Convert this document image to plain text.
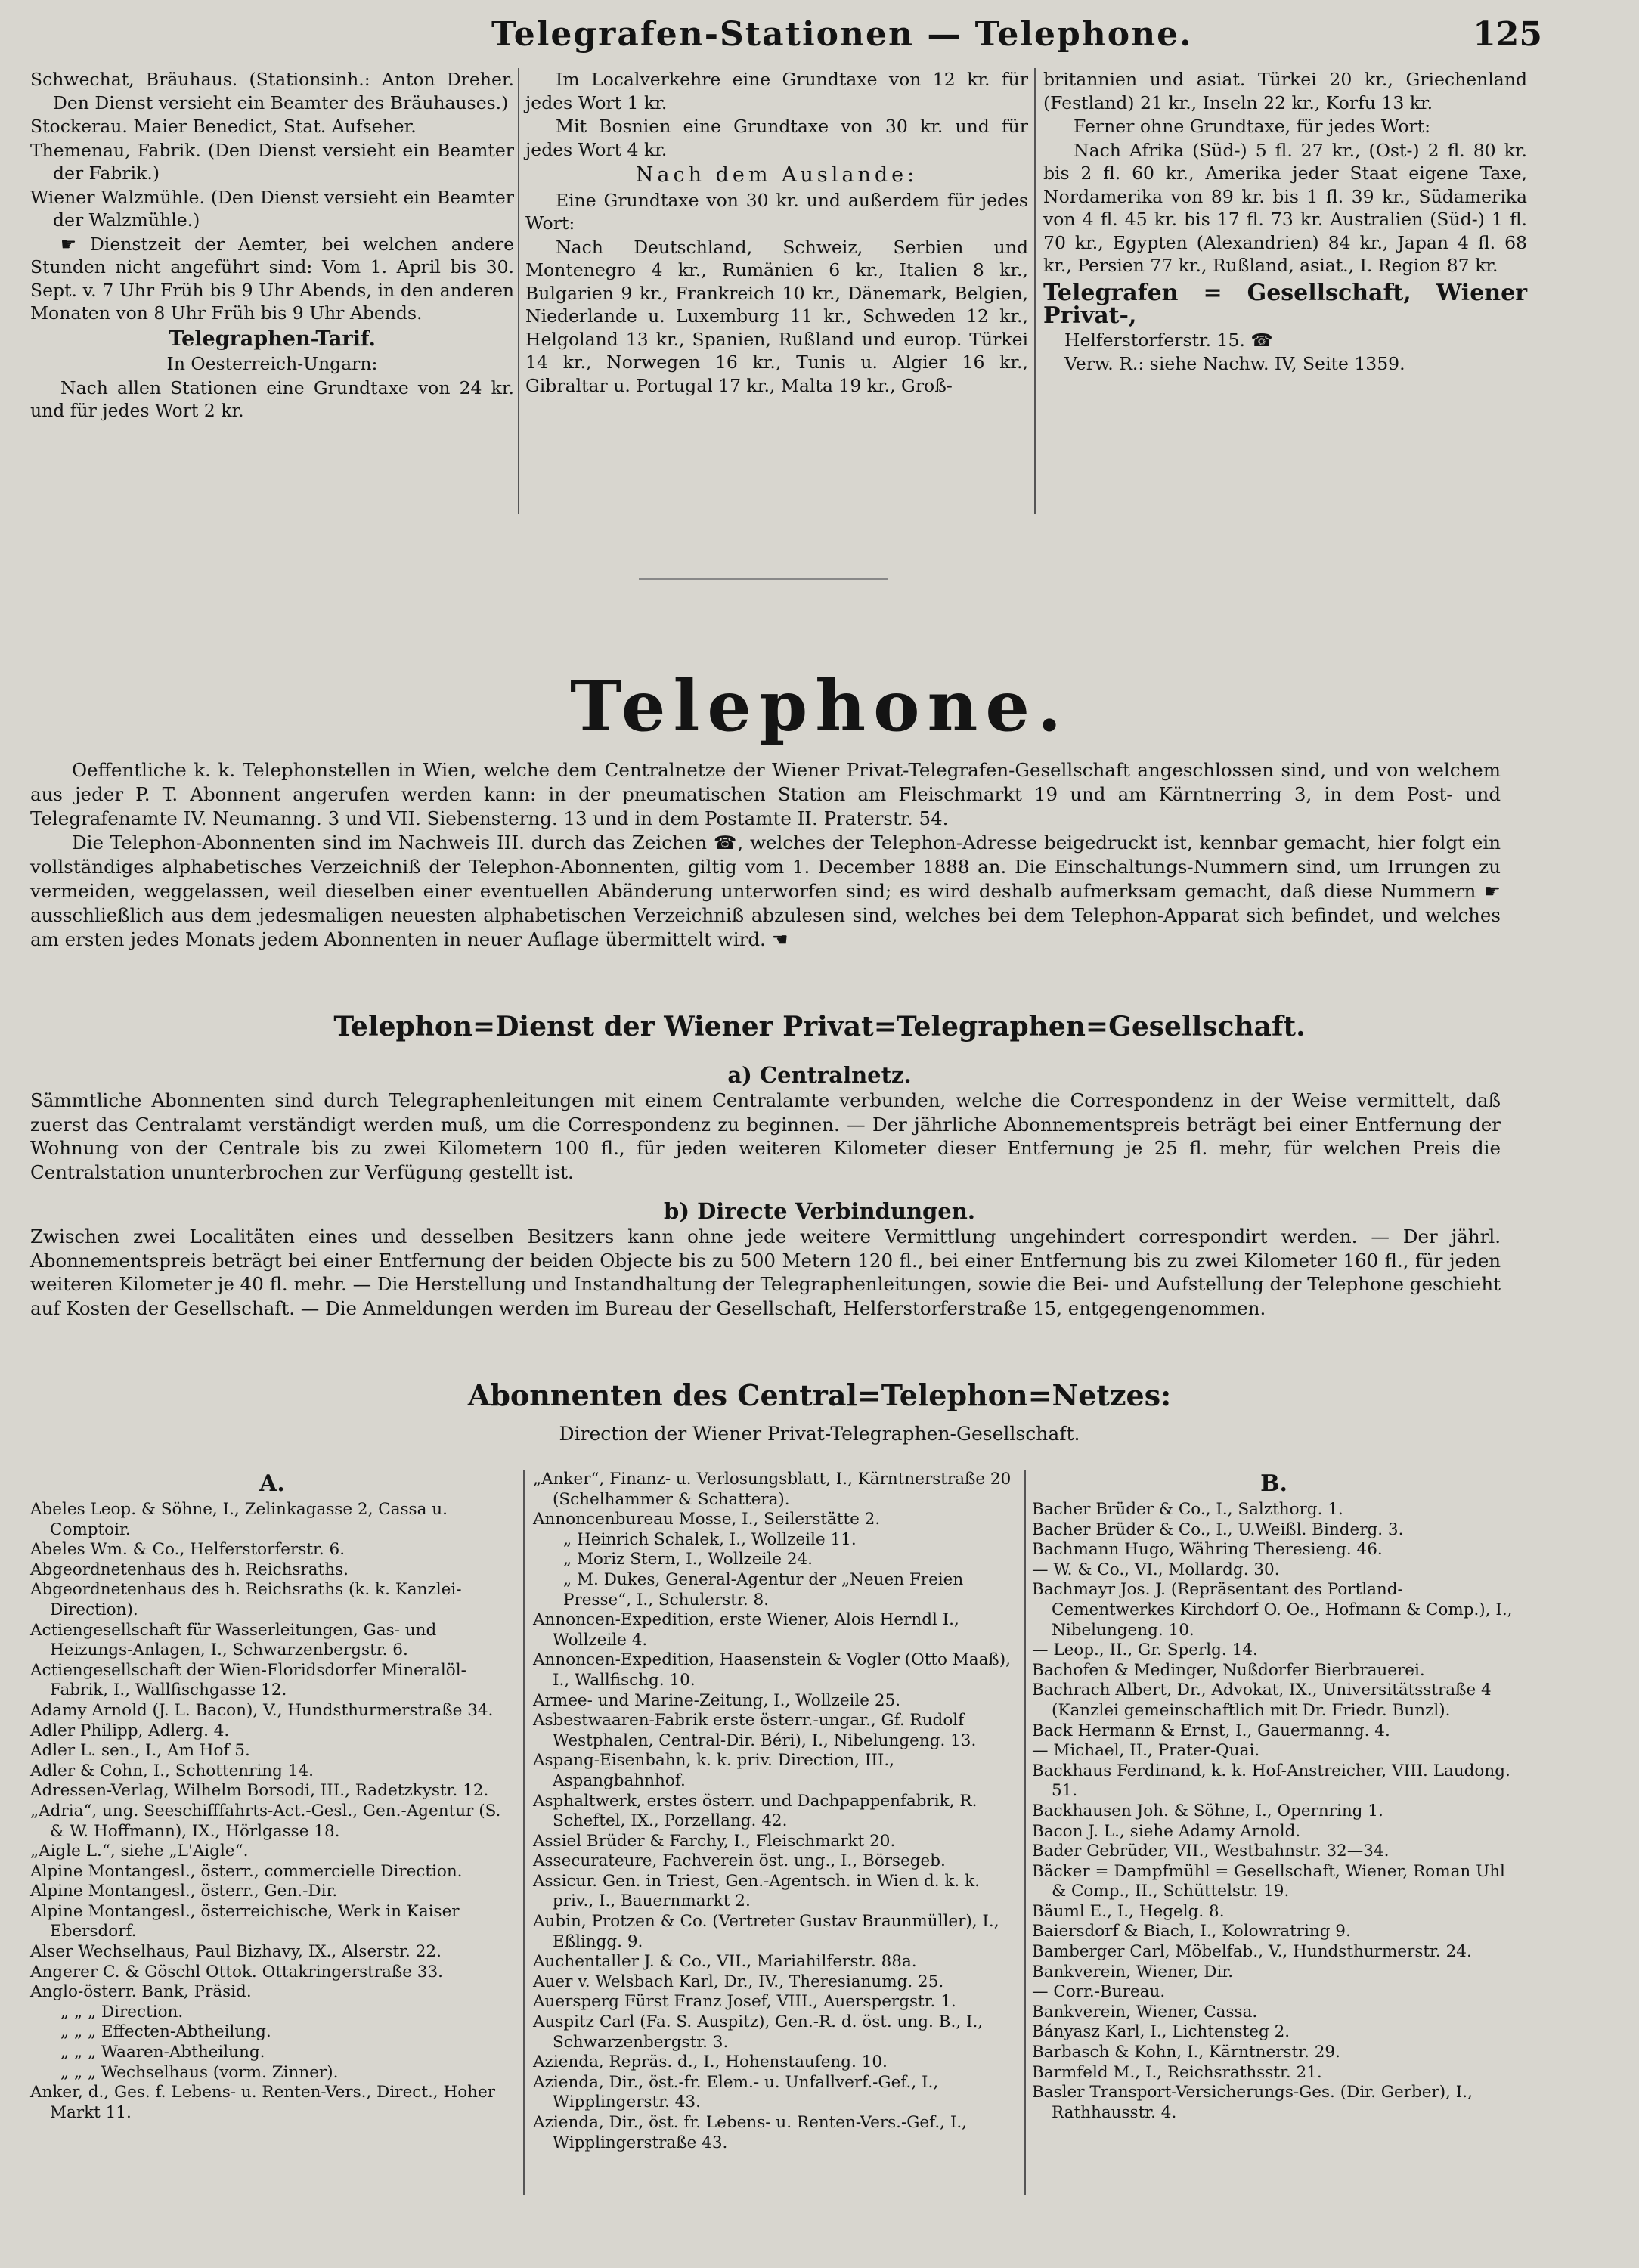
Telegrafen-Stationen — Telephone.	125

Schwechat, Bräuhaus. (Stationsinh.: Anton Dreher. Den Dienst versieht ein Beamter des Bräuhauses.)

Stockerau. Maier Benedict, Stat. Aufseher.

Themenau, Fabrik. (Den Dienst versieht ein Beamter der Fabrik.)

Wiener Walzmühle. (Den Dienst versieht ein Beamter der Walzmühle.)

☛ Dienstzeit der Aemter, bei welchen andere Stunden nicht angeführt sind: Vom 1. April bis 30. Sept. v. 7 Uhr Früh bis 9 Uhr Abends, in den anderen Monaten von 8 Uhr Früh bis 9 Uhr Abends.

Telegraphen-Tarif.

In Oesterreich-Ungarn:

Nach allen Stationen eine Grundtaxe von 24 kr. und für jedes Wort 2 kr.

Im Localverkehre eine Grundtaxe von 12 kr. für jedes Wort 1 kr.

Mit Bosnien eine Grundtaxe von 30 kr. und für jedes Wort 4 kr.

Nach dem Auslande:

Eine Grundtaxe von 30 kr. und außerdem für jedes Wort:

Nach Deutschland, Schweiz, Serbien und Montenegro 4 kr., Rumänien 6 kr., Italien 8 kr., Bulgarien 9 kr., Frankreich 10 kr., Dänemark, Belgien, Niederlande u. Luxemburg 11 kr., Schweden 12 kr., Helgoland 13 kr., Spanien, Rußland und europ. Türkei 14 kr., Norwegen 16 kr., Tunis u. Algier 16 kr., Gibraltar u. Portugal 17 kr., Malta 19 kr., Groß-

britannien und asiat. Türkei 20 kr., Griechenland (Festland) 21 kr., Inseln 22 kr., Korfu 13 kr.

Ferner ohne Grundtaxe, für jedes Wort:

Nach Afrika (Süd-) 5 fl. 27 kr., (Ost-) 2 fl. 80 kr. bis 2 fl. 60 kr., Amerika jeder Staat eigene Taxe, Nordamerika von 89 kr. bis 1 fl. 39 kr., Südamerika von 4 fl. 45 kr. bis 17 fl. 73 kr. Australien (Süd-) 1 fl. 70 kr., Egypten (Alexandrien) 84 kr., Japan 4 fl. 68 kr., Persien 77 kr., Rußland, asiat., I. Region 87 kr.

Telegrafen = Gesellschaft, Wiener Privat-,

Helferstorferstr. 15. ☎

Verw. R.: siehe Nachw. IV, Seite 1359.

Telephone.

Oeffentliche k. k. Telephonstellen in Wien, welche dem Centralnetze der Wiener Privat-Telegrafen-Gesellschaft angeschlossen sind, und von welchem aus jeder P. T. Abonnent angerufen werden kann: in der pneumatischen Station am Fleischmarkt 19 und am Kärntnerring 3, in dem Post- und Telegrafenamte IV. Neumanng. 3 und VII. Siebensterng. 13 und in dem Postamte II. Praterstr. 54.

Die Telephon-Abonnenten sind im Nachweis III. durch das Zeichen ☎, welches der Telephon-Adresse beigedruckt ist, kennbar gemacht, hier folgt ein vollständiges alphabetisches Verzeichniß der Telephon-Abonnenten, giltig vom 1. December 1888 an. Die Einschaltungs-Nummern sind, um Irrungen zu vermeiden, weggelassen, weil dieselben einer eventuellen Abänderung unterworfen sind; es wird deshalb aufmerksam gemacht, daß diese Nummern ☛ ausschließlich aus dem jedesmaligen neuesten alphabetischen Verzeichniß abzulesen sind, welches bei dem Telephon-Apparat sich befindet, und welches am ersten jedes Monats jedem Abonnenten in neuer Auflage übermittelt wird. ☚

Telephon=Dienst der Wiener Privat=Telegraphen=Gesellschaft.
a) Centralnetz.
Sämmtliche Abonnenten sind durch Telegraphenleitungen mit einem Centralamte verbunden, welche die Correspondenz in der Weise vermittelt, daß zuerst das Centralamt verständigt werden muß, um die Correspondenz zu beginnen. — Der jährliche Abonnementspreis beträgt bei einer Entfernung der Wohnung von der Centrale bis zu zwei Kilometern 100 fl., für jeden weiteren Kilometer dieser Entfernung je 25 fl. mehr, für welchen Preis die Centralstation ununterbrochen zur Verfügung gestellt ist.
b) Directe Verbindungen.
Zwischen zwei Localitäten eines und desselben Besitzers kann ohne jede weitere Vermittlung ungehindert correspondirt werden. — Der jährl. Abonnementspreis beträgt bei einer Entfernung der beiden Objecte bis zu 500 Metern 120 fl., bei einer Entfernung bis zu zwei Kilometer 160 fl., für jeden weiteren Kilometer je 40 fl. mehr. — Die Herstellung und Instandhaltung der Telegraphenleitungen, sowie die Bei- und Aufstellung der Telephone geschieht auf Kosten der Gesellschaft. — Die Anmeldungen werden im Bureau der Gesellschaft, Helferstorferstraße 15, entgegengenommen.
Abonnenten des Central=Telephon=Netzes:
Direction der Wiener Privat-Telegraphen-Gesellschaft.
A.

Abeles Leop. & Söhne, I., Zelinkagasse 2, Cassa u. Comptoir.

Abeles Wm. & Co., Helferstorferstr. 6.

Abgeordnetenhaus des h. Reichsraths.

Abgeordnetenhaus des h. Reichsraths (k. k. Kanzlei-Direction).

Actiengesellschaft für Wasserleitungen, Gas- und Heizungs-Anlagen, I., Schwarzenbergstr. 6.

Actiengesellschaft der Wien-Floridsdorfer Mineralöl-Fabrik, I., Wallfischgasse 12.

Adamy Arnold (J. L. Bacon), V., Hundsthurmerstraße 34.

Adler Philipp, Adlerg. 4.

Adler L. sen., I., Am Hof 5.

Adler & Cohn, I., Schottenring 14.

Adressen-Verlag, Wilhelm Borsodi, III., Radetzkystr. 12.

„Adria“, ung. Seeschifffahrts-Act.-Gesl., Gen.-Agentur (S. & W. Hoffmann), IX., Hörlgasse 18.

„Aigle L.“, siehe „L'Aigle“.

Alpine Montangesl., österr., commercielle Direction.

Alpine Montangesl., österr., Gen.-Dir.

Alpine Montangesl., österreichische, Werk in Kaiser Ebersdorf.

Alser Wechselhaus, Paul Bizhavy, IX., Alserstr. 22.

Angerer C. & Göschl Ottok. Ottakringerstraße 33.

Anglo-österr. Bank, Präsid.

„ „ „ Direction.

„ „ „ Effecten-Abtheilung.

„ „ „ Waaren-Abtheilung.

„ „ „ Wechselhaus (vorm. Zinner).

Anker, d., Ges. f. Lebens- u. Renten-Vers., Direct., Hoher Markt 11.

„Anker“, Finanz- u. Verlosungsblatt, I., Kärntnerstraße 20 (Schelhammer & Schattera).

Annoncenbureau Mosse, I., Seilerstätte 2.

„ Heinrich Schalek, I., Wollzeile 11.

„ Moriz Stern, I., Wollzeile 24.

„ M. Dukes, General-Agentur der „Neuen Freien Presse“, I., Schulerstr. 8.

Annoncen-Expedition, erste Wiener, Alois Herndl I., Wollzeile 4.

Annoncen-Expedition, Haasenstein & Vogler (Otto Maaß), I., Wallfischg. 10.

Armee- und Marine-Zeitung, I., Wollzeile 25.

Asbestwaaren-Fabrik erste österr.-ungar., Gf. Rudolf Westphalen, Central-Dir. Béri), I., Nibelungeng. 13.

Aspang-Eisenbahn, k. k. priv. Direction, III., Aspangbahnhof.

Asphaltwerk, erstes österr. und Dachpappenfabrik, R. Scheftel, IX., Porzellang. 42.

Assiel Brüder & Farchy, I., Fleischmarkt 20.

Assecurateure, Fachverein öst. ung., I., Börsegeb.

Assicur. Gen. in Triest, Gen.-Agentsch. in Wien d. k. k. priv., I., Bauernmarkt 2.

Aubin, Protzen & Co. (Vertreter Gustav Braunmüller), I., Eßlingg. 9.

Auchentaller J. & Co., VII., Mariahilferstr. 88a.

Auer v. Welsbach Karl, Dr., IV., Theresianumg. 25.

Auersperg Fürst Franz Josef, VIII., Auerspergstr. 1.

Auspitz Carl (Fa. S. Auspitz), Gen.-R. d. öst. ung. B., I., Schwarzenbergstr. 3.

Azienda, Repräs. d., I., Hohenstaufeng. 10.

Azienda, Dir., öst.-fr. Elem.- u. Unfallverf.-Gef., I., Wipplingerstr. 43.

Azienda, Dir., öst. fr. Lebens- u. Renten-Vers.-Gef., I., Wipplingerstraße 43.

B.

Bacher Brüder & Co., I., Salzthorg. 1.

Bacher Brüder & Co., I., U.Weißl. Binderg. 3.

Bachmann Hugo, Währing Theresieng. 46.

— W. & Co., VI., Mollardg. 30.

Bachmayr Jos. J. (Repräsentant des Portland-Cementwerkes Kirchdorf O. Oe., Hofmann & Comp.), I., Nibelungeng. 10.

— Leop., II., Gr. Sperlg. 14.

Bachofen & Medinger, Nußdorfer Bierbrauerei.

Bachrach Albert, Dr., Advokat, IX., Universitätsstraße 4 (Kanzlei gemeinschaftlich mit Dr. Friedr. Bunzl).

Back Hermann & Ernst, I., Gauermanng. 4.

— Michael, II., Prater-Quai.

Backhaus Ferdinand, k. k. Hof-Anstreicher, VIII. Laudong. 51.

Backhausen Joh. & Söhne, I., Opernring 1.

Bacon J. L., siehe Adamy Arnold.

Bader Gebrüder, VII., Westbahnstr. 32—34.

Bäcker = Dampfmühl = Gesellschaft, Wiener, Roman Uhl & Comp., II., Schüttelstr. 19.

Bäuml E., I., Hegelg. 8.

Baiersdorf & Biach, I., Kolowratring 9.

Bamberger Carl, Möbelfab., V., Hundsthurmerstr. 24.

Bankverein, Wiener, Dir.

— Corr.-Bureau.

Bankverein, Wiener, Cassa.

Bányasz Karl, I., Lichtensteg 2.

Barbasch & Kohn, I., Kärntnerstr. 29.

Barmfeld M., I., Reichsrathsstr. 21.

Basler Transport-Versicherungs-Ges. (Dir. Gerber), I., Rathhausstr. 4.
